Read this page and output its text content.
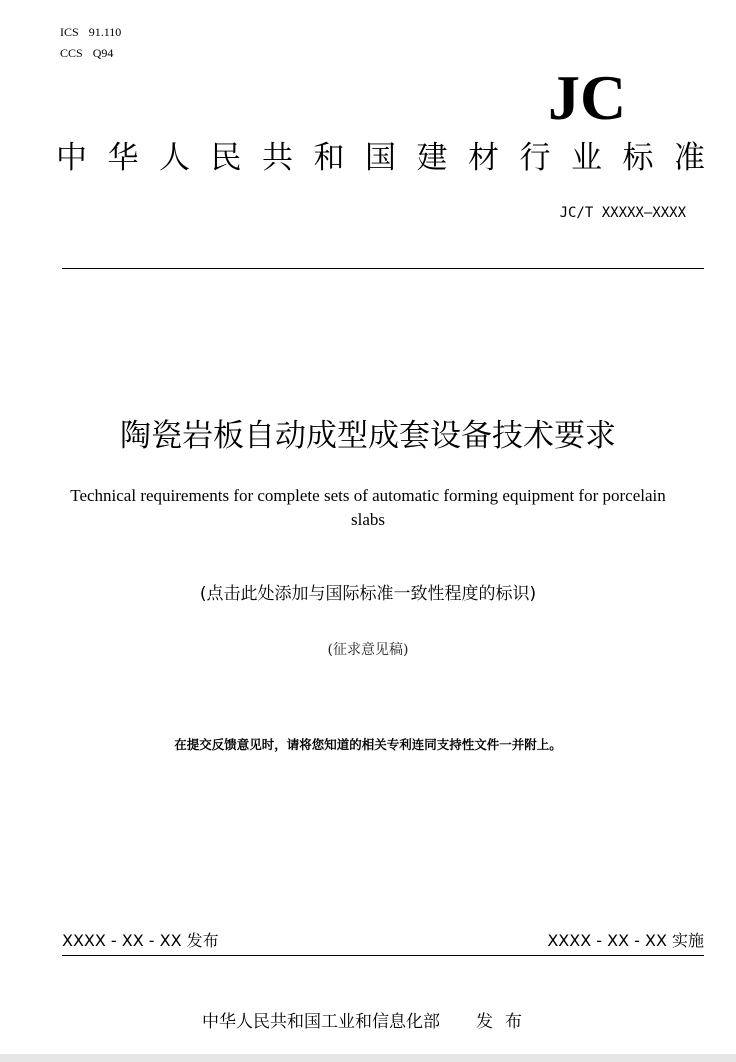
ICS 91.110
CCS Q94
JC
中华人民共和国建材行业标准
JC/T XXXXX—XXXX
陶瓷岩板自动成型成套设备技术要求
Technical requirements for complete sets of automatic forming equipment for porcelain slabs
(点击此处添加与国际标准一致性程度的标识)
(征求意见稿)
在提交反馈意见时，请将您知道的相关专利连同支持性文件一并附上。
XXXX - XX - XX 发布	XXXX - XX - XX 实施
中华人民共和国工业和信息化部 发布
